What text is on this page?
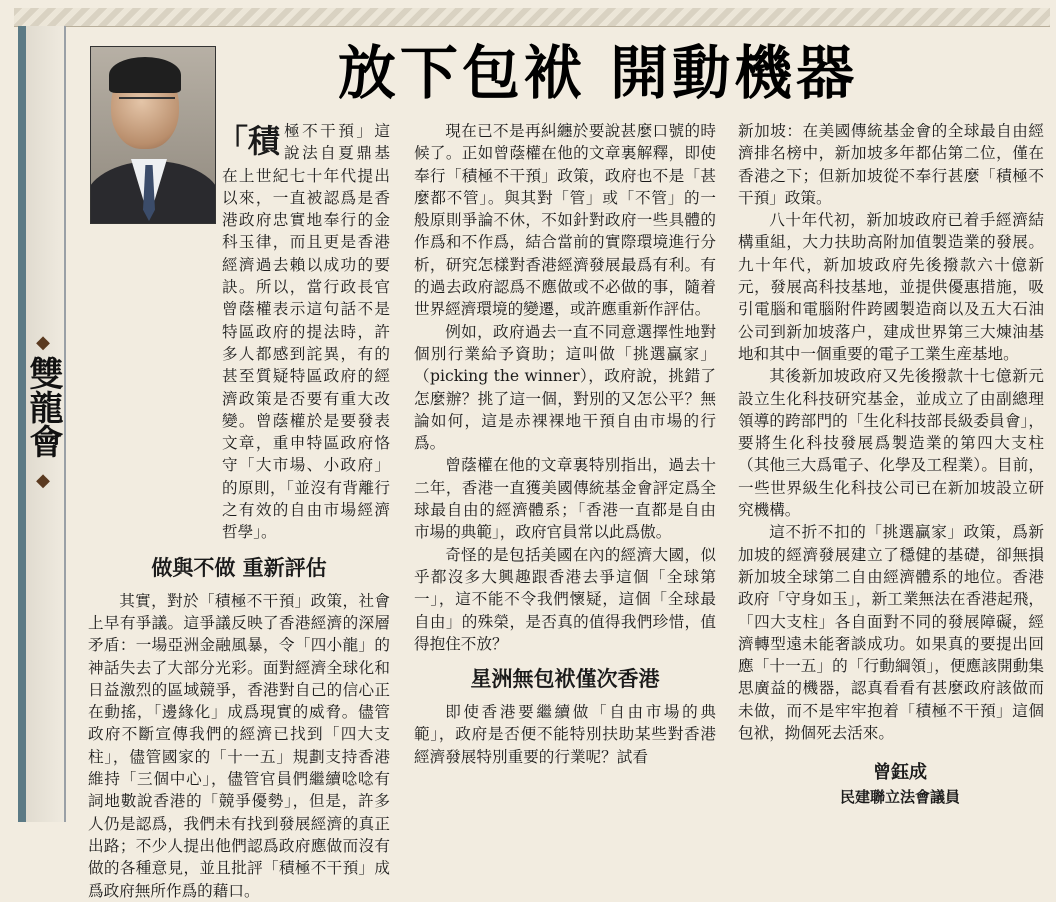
◆
雙龍會
◆
放下包袱 開動機器

「積極不干預」這說法自夏鼎基在上世紀七十年代提出以來，一直被認爲是香港政府忠實地奉行的金科玉律，而且更是香港經濟過去賴以成功的要訣。所以，當行政長官曾蔭權表示這句話不是特區政府的提法時，許多人都感到詫異，有的甚至質疑特區政府的經濟政策是否要有重大改變。曾蔭權於是要發表文章，重申特區政府恪守「大市場、小政府」的原則，「並沒有背離行之有效的自由市場經濟哲學」。

做與不做 重新評估

其實，對於「積極不干預」政策，社會上早有爭議。這爭議反映了香港經濟的深層矛盾：一場亞洲金融風暴，令「四小龍」的神話失去了大部分光彩。面對經濟全球化和日益激烈的區域競爭，香港對自己的信心正在動搖，「邊緣化」成爲現實的威脅。儘管政府不斷宣傳我們的經濟已找到「四大支柱」，儘管國家的「十一五」規劃支持香港維持「三個中心」，儘管官員們繼續唸唸有詞地數說香港的「競爭優勢」，但是，許多人仍是認爲，我們未有找到發展經濟的真正出路；不少人提出他們認爲政府應做而沒有做的各種意見，並且批評「積極不干預」成爲政府無所作爲的藉口。

現在已不是再糾纏於要說甚麼口號的時候了。正如曾蔭權在他的文章裏解釋，即使奉行「積極不干預」政策，政府也不是「甚麼都不管」。與其對「管」或「不管」的一般原則爭論不休，不如針對政府一些具體的作爲和不作爲，結合當前的實際環境進行分析，研究怎樣對香港經濟發展最爲有利。有的過去政府認爲不應做或不必做的事，隨着世界經濟環境的變遷，或許應重新作評估。

例如，政府過去一直不同意選擇性地對個別行業給予資助；這叫做「挑選贏家」（picking the winner），政府說，挑錯了怎麼辦？挑了這一個，對別的又怎公平？無論如何，這是赤裸裸地干預自由市場的行爲。

曾蔭權在他的文章裏特別指出，過去十二年，香港一直獲美國傳統基金會評定爲全球最自由的經濟體系；「香港一直都是自由市場的典範」，政府官員常以此爲傲。

奇怪的是包括美國在內的經濟大國，似乎都沒多大興趣跟香港去爭這個「全球第一」，這不能不令我們懷疑，這個「全球最自由」的殊榮，是否真的值得我們珍惜，值得抱住不放？

星洲無包袱僅次香港

即使香港要繼續做「自由市場的典範」，政府是否便不能特別扶助某些對香港經濟發展特別重要的行業呢？試看

新加坡：在美國傳統基金會的全球最自由經濟排名榜中，新加坡多年都佔第二位，僅在香港之下；但新加坡從不奉行甚麼「積極不干預」政策。

八十年代初，新加坡政府已着手經濟結構重組，大力扶助高附加值製造業的發展。九十年代，新加坡政府先後撥款六十億新元，發展高科技基地，並提供優惠措施，吸引電腦和電腦附件跨國製造商以及五大石油公司到新加坡落户，建成世界第三大煉油基地和其中一個重要的電子工業生産基地。

其後新加坡政府又先後撥款十七億新元設立生化科技研究基金，並成立了由副總理領導的跨部門的「生化科技部長級委員會」，要將生化科技發展爲製造業的第四大支柱（其他三大爲電子、化學及工程業）。目前，一些世界級生化科技公司已在新加坡設立研究機構。

這不折不扣的「挑選贏家」政策，爲新加坡的經濟發展建立了穩健的基礎，卻無損新加坡全球第二自由經濟體系的地位。香港政府「守身如玉」，新工業無法在香港起飛，「四大支柱」各自面對不同的發展障礙，經濟轉型遠未能奢談成功。如果真的要提出回應「十一五」的「行動綱領」，便應該開動集思廣益的機器，認真看看有甚麼政府該做而未做，而不是牢牢抱着「積極不干預」這個包袱，拗個死去活來。

曾鈺成
民建聯立法會議員
